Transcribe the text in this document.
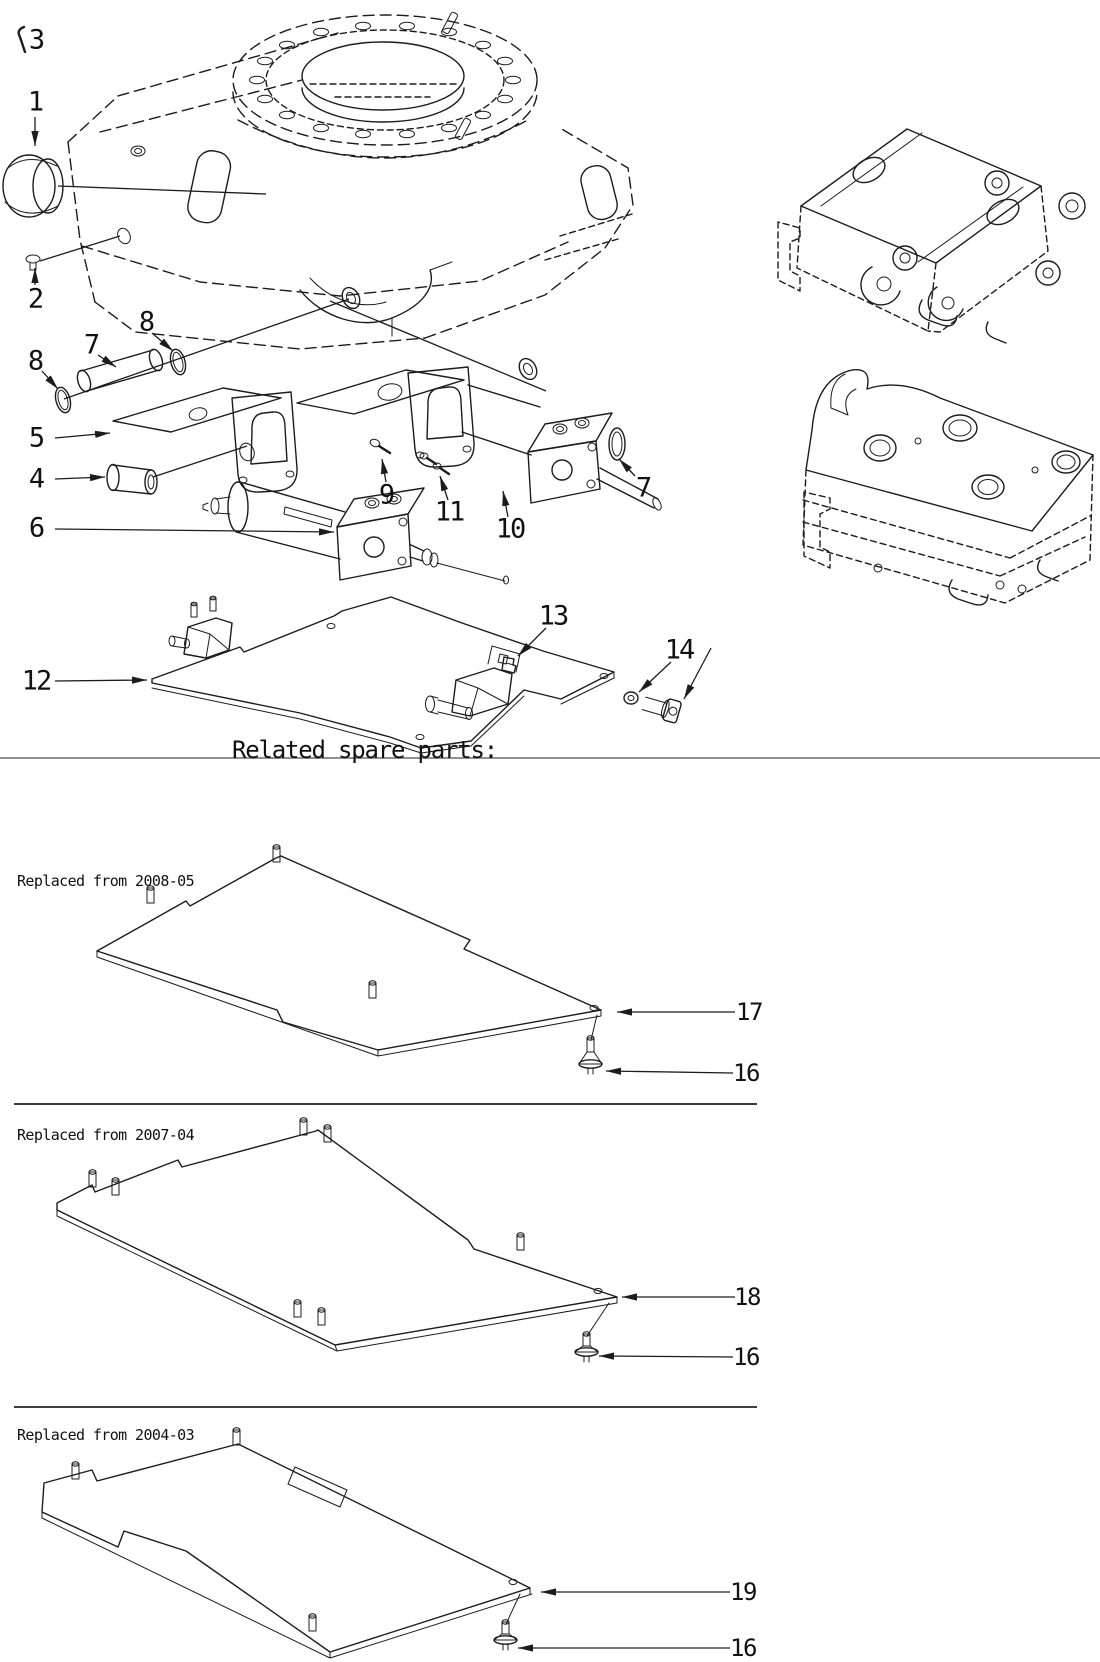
3
1
2
8
7
8
5
4
6
9
11
10
7
12
13
14
Related spare parts:
Replaced from 2008-05
17
16
Replaced from 2007-04
18
16
Replaced from 2004-03
19
16
